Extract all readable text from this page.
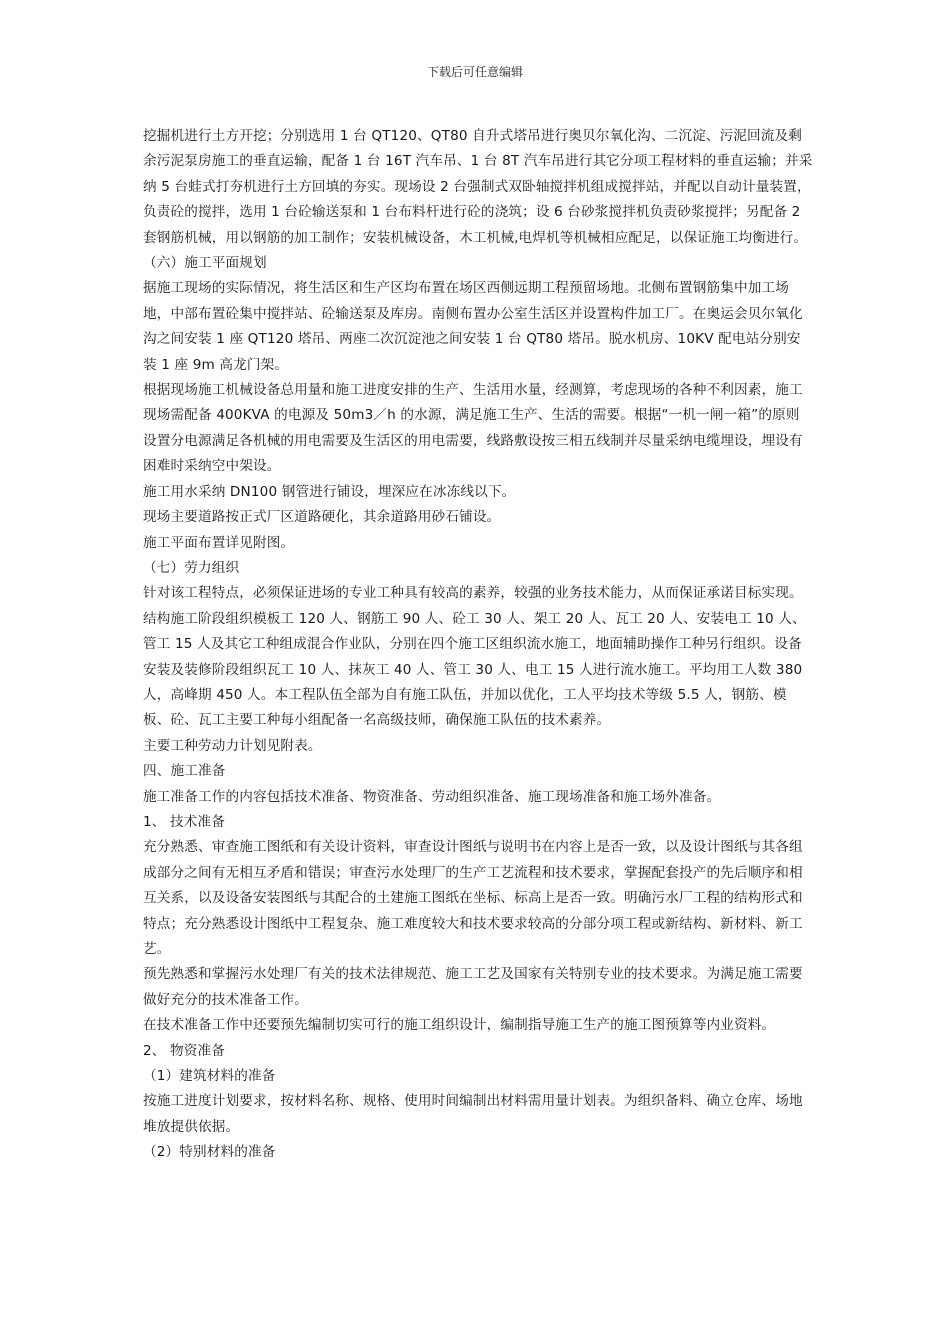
下载后可任意编辑

挖掘机进行土方开挖；分别选用 1 台 QT120、QT80 自升式塔吊进行奥贝尔氧化沟、二沉淀、污泥回流及剩余污泥泵房施工的垂直运输，配备 1 台 16T 汽车吊、1 台 8T 汽车吊进行其它分项工程材料的垂直运输；并采纳 5 台蛙式打夯机进行土方回填的夯实。现场设 2 台强制式双卧轴搅拌机组成搅拌站，并配以自动计量装置，负责砼的搅拌，选用 1 台砼输送泵和 1 台布料杆进行砼的浇筑；设 6 台砂浆搅拌机负责砂浆搅拌；另配备 2 套钢筋机械，用以钢筋的加工制作；安装机械设备，木工机械,电焊机等机械相应配足，以保证施工均衡进行。

（六）施工平面规划

据施工现场的实际情况，将生活区和生产区均布置在场区西侧远期工程预留场地。北侧布置钢筋集中加工场地，中部布置砼集中搅拌站、砼输送泵及库房。南侧布置办公室生活区并设置构件加工厂。在奥运会贝尔氧化沟之间安装 1 座 QT120 塔吊、两座二次沉淀池之间安装 1 台 QT80 塔吊。脱水机房、10KV 配电站分别安装 1 座 9m 高龙门架。

根据现场施工机械设备总用量和施工进度安排的生产、生活用水量，经测算，考虑现场的各种不利因素，施工现场需配备 400KVA 的电源及 50m3／h 的水源，满足施工生产、生活的需要。根据“一机一闸一箱”的原则设置分电源满足各机械的用电需要及生活区的用电需要，线路敷设按三相五线制并尽量采纳电缆埋设，埋设有困难时采纳空中架设。

施工用水采纳 DN100 钢管进行铺设，埋深应在冰冻线以下。

现场主要道路按正式厂区道路硬化，其余道路用砂石铺设。

施工平面布置详见附图。

（七）劳力组织

针对该工程特点，必须保证进场的专业工种具有较高的素养，较强的业务技术能力，从而保证承诺目标实现。

结构施工阶段组织模板工 120 人、钢筋工 90 人、砼工 30 人、架工 20 人、瓦工 20 人、安装电工 10 人、管工 15 人及其它工种组成混合作业队，分别在四个施工区组织流水施工，地面辅助操作工种另行组织。设备安装及装修阶段组织瓦工 10 人、抹灰工 40 人、管工 30 人、电工 15 人进行流水施工。平均用工人数 380 人，高峰期 450 人。本工程队伍全部为自有施工队伍，并加以优化，工人平均技术等级 5.5 人，钢筋、模板、砼、瓦工主要工种每小组配备一名高级技师，确保施工队伍的技术素养。

主要工种劳动力计划见附表。

四、施工准备

施工准备工作的内容包括技术准备、物资准备、劳动组织准备、施工现场准备和施工场外准备。

1、 技术准备

充分熟悉、审查施工图纸和有关设计资料，审查设计图纸与说明书在内容上是否一致，以及设计图纸与其各组成部分之间有无相互矛盾和错误；审查污水处理厂的生产工艺流程和技术要求，掌握配套投产的先后顺序和相互关系，以及设备安装图纸与其配合的土建施工图纸在坐标、标高上是否一致。明确污水厂工程的结构形式和特点；充分熟悉设计图纸中工程复杂、施工难度较大和技术要求较高的分部分项工程或新结构、新材料、新工艺。

预先熟悉和掌握污水处理厂有关的技术法律规范、施工工艺及国家有关特别专业的技术要求。为满足施工需要做好充分的技术准备工作。

在技术准备工作中还要预先编制切实可行的施工组织设计，编制指导施工生产的施工图预算等内业资料。

2、 物资准备

（1）建筑材料的准备

按施工进度计划要求，按材料名称、规格、使用时间编制出材料需用量计划表。为组织备料、确立仓库、场地堆放提供依据。

（2）特别材料的准备
